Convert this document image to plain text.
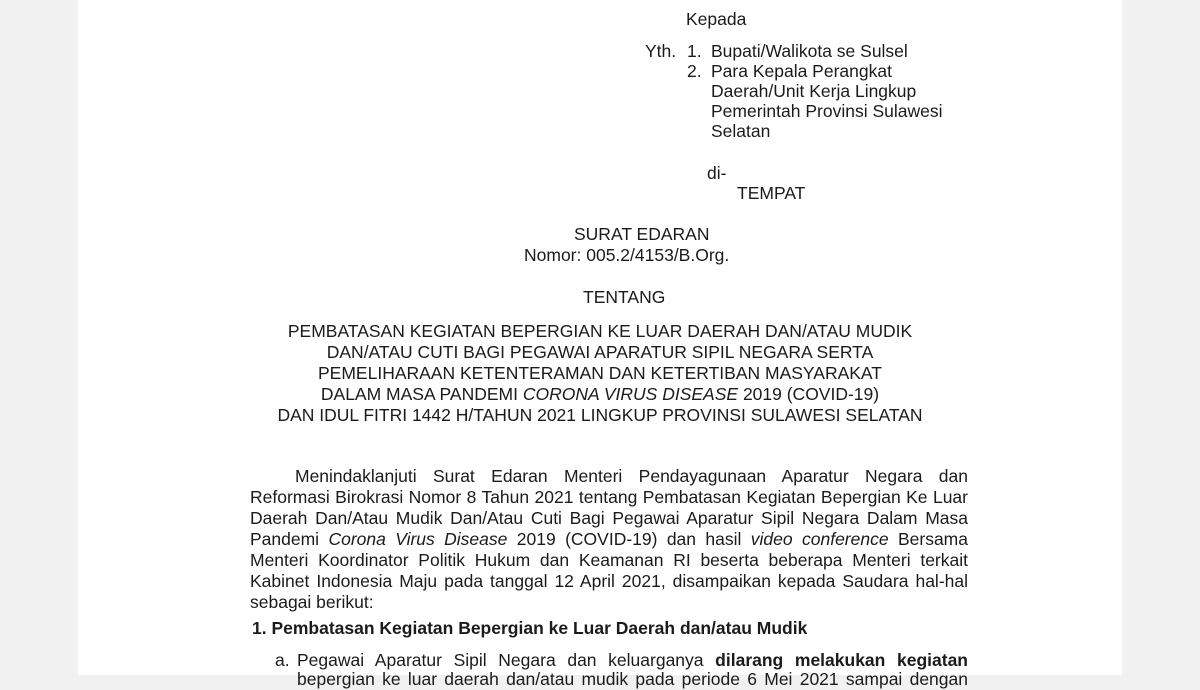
Kepada
Yth. 1. Bupati/Walikota se Sulsel
2. Para Kepala Perangkat
Daerah/Unit Kerja Lingkup
Pemerintah Provinsi Sulawesi
Selatan
di-
TEMPAT
SURAT EDARAN
Nomor: 005.2/4153/B.Org.
TENTANG
PEMBATASAN KEGIATAN BEPERGIAN KE LUAR DAERAH DAN/ATAU MUDIK
DAN/ATAU CUTI BAGI PEGAWAI APARATUR SIPIL NEGARA SERTA
PEMELIHARAAN KETENTERAMAN DAN KETERTIBAN MASYARAKAT
DALAM MASA PANDEMI CORONA VIRUS DISEASE 2019 (COVID-19)
DAN IDUL FITRI 1442 H/TAHUN 2021 LINGKUP PROVINSI SULAWESI SELATAN
Menindaklanjuti Surat Edaran Menteri Pendayagunaan Aparatur Negara dan
Reformasi Birokrasi Nomor 8 Tahun 2021 tentang Pembatasan Kegiatan Bepergian Ke Luar
Daerah Dan/Atau Mudik Dan/Atau Cuti Bagi Pegawai Aparatur Sipil Negara Dalam Masa
Pandemi Corona Virus Disease 2019 (COVID-19) dan hasil video conference Bersama
Menteri Koordinator Politik Hukum dan Keamanan RI beserta beberapa Menteri terkait
Kabinet Indonesia Maju pada tanggal 12 April 2021, disampaikan kepada Saudara hal-hal
sebagai berikut:
1. Pembatasan Kegiatan Bepergian ke Luar Daerah dan/atau Mudik
a. Pegawai Aparatur Sipil Negara dan keluarganya dilarang melakukan kegiatan
bepergian ke luar daerah dan/atau mudik pada periode 6 Mei 2021 sampai dengan
